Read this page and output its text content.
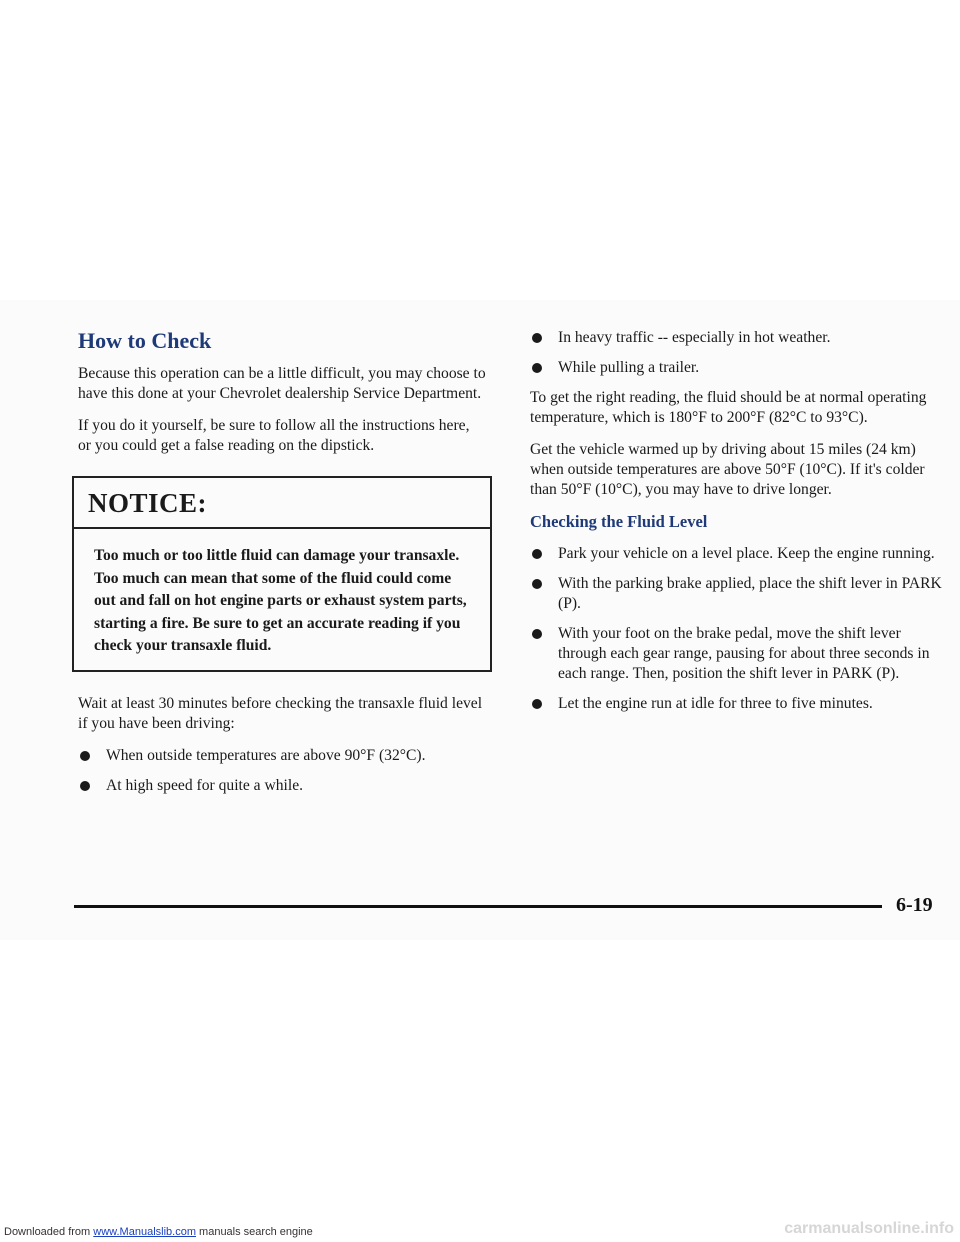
How to Check

Because this operation can be a little difficult, you may choose to have this done at your Chevrolet dealership Service Department.

If you do it yourself, be sure to follow all the instructions here, or you could get a false reading on the dipstick.

NOTICE:
Too much or too little fluid can damage your transaxle. Too much can mean that some of the fluid could come out and fall on hot engine parts or exhaust system parts, starting a fire. Be sure to get an accurate reading if you check your transaxle fluid.

Wait at least 30 minutes before checking the transaxle fluid level if you have been driving:

When outside temperatures are above 90°F (32°C).
At high speed for quite a while.
In heavy traffic -- especially in hot weather.
While pulling a trailer.

To get the right reading, the fluid should be at normal operating temperature, which is 180°F to 200°F (82°C to 93°C).

Get the vehicle warmed up by driving about 15 miles (24 km) when outside temperatures are above 50°F (10°C). If it's colder than 50°F (10°C), you may have to drive longer.

Checking the Fluid Level
Park your vehicle on a level place. Keep the engine running.
With the parking brake applied, place the shift lever in PARK (P).
With your foot on the brake pedal, move the shift lever through each gear range, pausing for about three seconds in each range. Then, position the shift lever in PARK (P).
Let the engine run at idle for three to five minutes.
6-19
Downloaded from www.Manualslib.com manuals search engine	carmanualsonline.info
